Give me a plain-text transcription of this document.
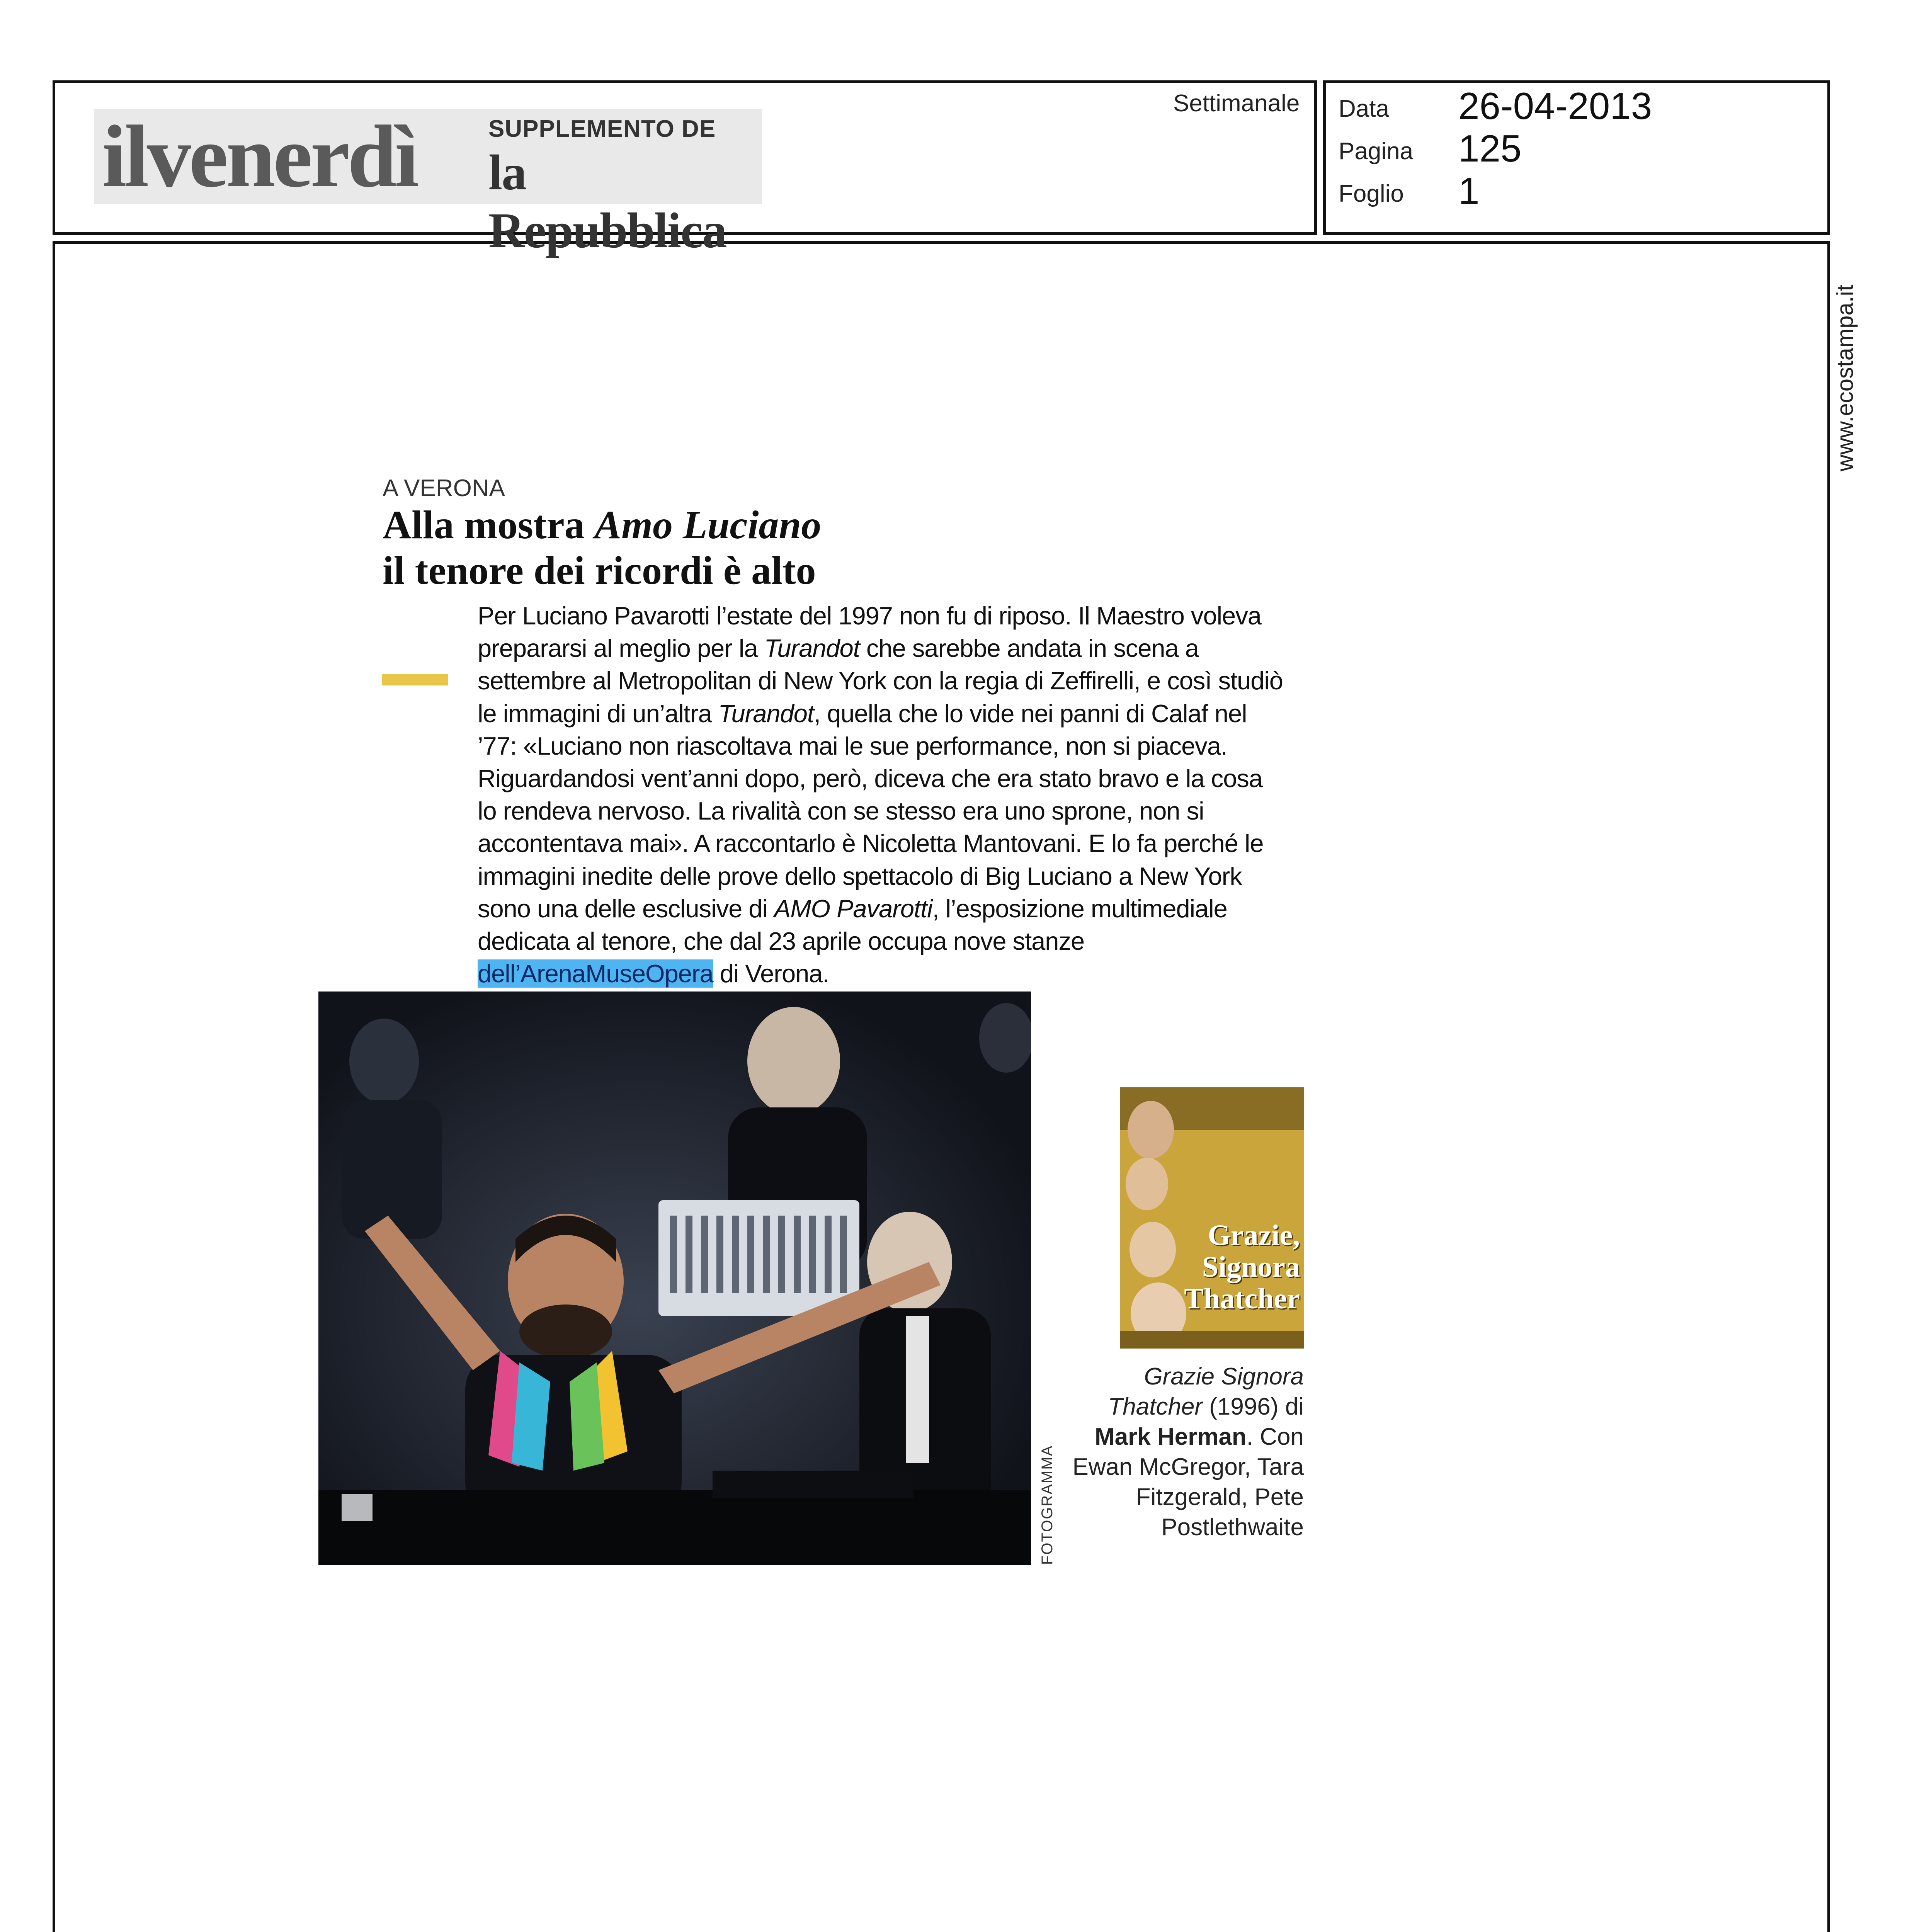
ilvenerdì	SUPPLEMENTO DE
la Repubblica
Settimanale Data 26-04-2013
Pagina 125
Foglio 1
www.ecostampa.it
A VERONA
Alla mostra Amo Luciano
il tenore dei ricordi è alto
Per Luciano Pavarotti l’estate del 1997 non fu di riposo. Il Maestro voleva prepararsi al meglio per la Turandot che sarebbe andata in scena a settembre al Metropolitan di New York con la regia di Zeffirelli, e così studiò le immagini di un’altra Turandot, quella che lo vide nei panni di Calaf nel ’77: «Luciano non riascoltava mai le sue performance, non si piaceva. Riguardandosi vent’anni dopo, però, diceva che era stato bravo e la cosa lo rendeva nervoso. La rivalità con se stesso era uno sprone, non si accontentava mai». A raccontarlo è Nicoletta Mantovani. E lo fa perché le immagini inedite delle prove dello spettacolo di Big Luciano a New York sono una delle esclusive di AMO Pavarotti, l’esposizione multimediale dedicata al tenore, che dal 23 aprile occupa nove stanze dell’ArenaMuseOpera di Verona.
FOTOGRAMMA
Grazie,
Signora
Thatcher
Grazie Signora Thatcher (1996) di Mark Herman. Con Ewan McGregor, Tara Fitzgerald, Pete Postlethwaite
